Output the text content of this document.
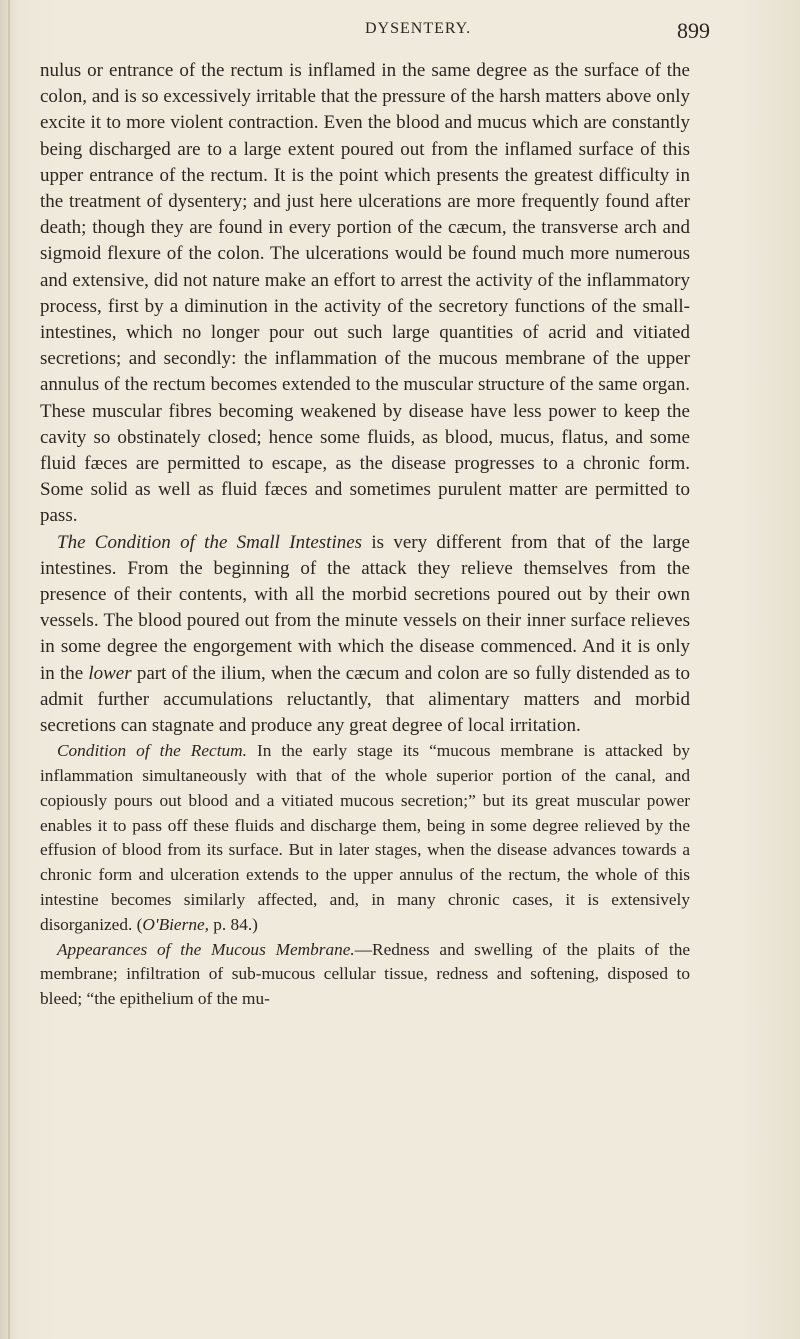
DYSENTERY.	899

nulus or entrance of the rectum is inflamed in the same degree as the surface of the colon, and is so excessively irritable that the pressure of the harsh matters above only excite it to more violent contraction. Even the blood and mucus which are constantly being discharged are to a large extent poured out from the inflamed surface of this upper entrance of the rectum. It is the point which presents the greatest difficulty in the treatment of dysentery; and just here ulcerations are more frequently found after death; though they are found in every portion of the cæcum, the transverse arch and sigmoid flexure of the colon. The ulcerations would be found much more numerous and extensive, did not nature make an effort to arrest the activity of the inflammatory process, first by a diminution in the activity of the secretory functions of the small-intestines, which no longer pour out such large quantities of acrid and vitiated secretions; and secondly: the inflammation of the mucous membrane of the upper annulus of the rectum becomes extended to the muscular structure of the same organ. These muscular fibres becoming weakened by disease have less power to keep the cavity so obstinately closed; hence some fluids, as blood, mucus, flatus, and some fluid fæces are permitted to escape, as the disease progresses to a chronic form. Some solid as well as fluid fæces and sometimes purulent matter are permitted to pass.

The Condition of the Small Intestines is very different from that of the large intestines. From the beginning of the attack they relieve themselves from the presence of their contents, with all the morbid secretions poured out by their own vessels. The blood poured out from the minute vessels on their inner surface relieves in some degree the engorgement with which the disease commenced. And it is only in the lower part of the ilium, when the cæcum and colon are so fully distended as to admit further accumulations reluctantly, that alimentary matters and morbid secretions can stagnate and produce any great degree of local irritation.

Condition of the Rectum. In the early stage its “mucous membrane is attacked by inflammation simultaneously with that of the whole superior portion of the canal, and copiously pours out blood and a vitiated mucous secretion;” but its great muscular power enables it to pass off these fluids and discharge them, being in some degree relieved by the effusion of blood from its surface. But in later stages, when the disease advances towards a chronic form and ulceration extends to the upper annulus of the rectum, the whole of this intestine becomes similarly affected, and, in many chronic cases, it is extensively disorganized. (O'Bierne, p. 84.)

Appearances of the Mucous Membrane.—Redness and swelling of the plaits of the membrane; infiltration of sub-mucous cellular tissue, redness and softening, disposed to bleed; “the epithelium of the mu-
